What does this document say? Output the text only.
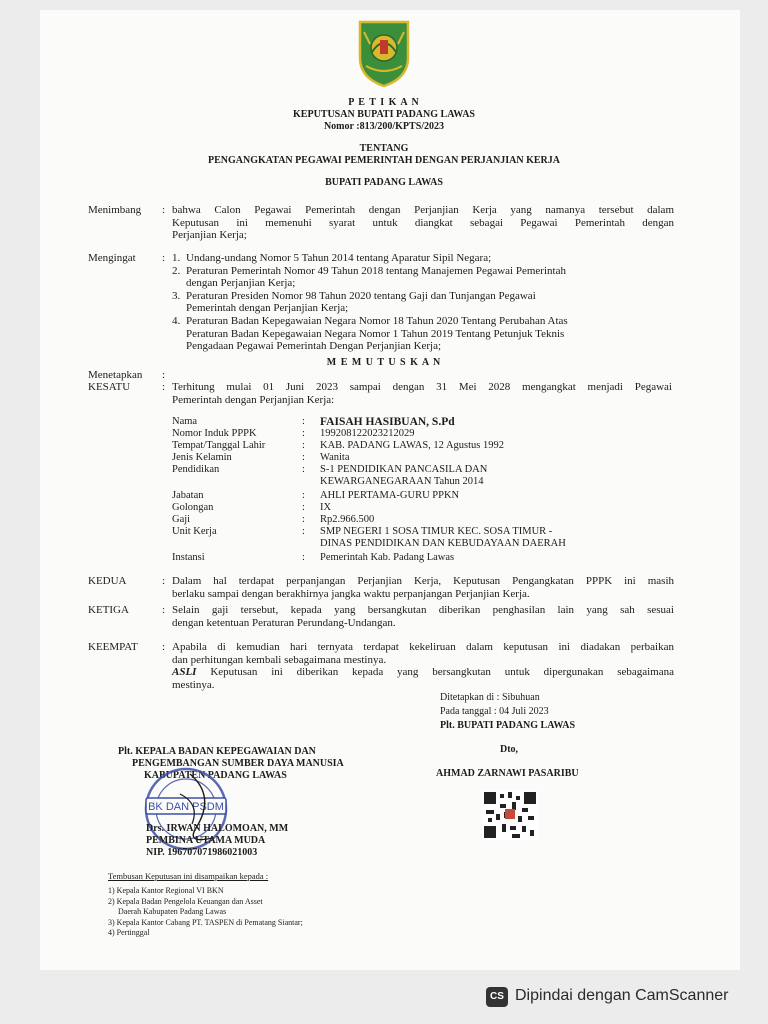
P E T I K A N
KEPUTUSAN BUPATI PADANG LAWAS
Nomor :813/200/KPTS/2023
TENTANG
PENGANGKATAN PEGAWAI PEMERINTAH DENGAN PERJANJIAN KERJA
BUPATI PADANG LAWAS
Menimbang : bahwa Calon Pegawai Pemerintah dengan Perjanjian Kerja yang namanya tersebut dalam
Keputusan ini memenuhi syarat untuk diangkat sebagai Pegawai Pemerintah dengan
Perjanjian Kerja;
Mengingat : 1. Undang-undang Nomor 5 Tahun 2014 tentang Aparatur Sipil Negara;
2. Peraturan Pemerintah Nomor 49 Tahun 2018 tentang Manajemen Pegawai Pemerintah
dengan Perjanjian Kerja;
3. Peraturan Presiden Nomor 98 Tahun 2020 tentang Gaji dan Tunjangan Pegawai
Pemerintah dengan Perjanjian Kerja;
4. Peraturan Badan Kepegawaian Negara Nomor 18 Tahun 2020 Tentang Perubahan Atas
Peraturan Badan Kepegawaian Negara Nomor 1 Tahun 2019 Tentang Petunjuk Teknis
Pengadaan Pegawai Pemerintah Dengan Perjanjian Kerja;
M E M U T U S K A N
Menetapkan :
KESATU	: Terhitung mulai 01 Juni 2023 sampai dengan 31 Mei 2028 mengangkat menjadi Pegawai
Pemerintah dengan Perjanjian Kerja:
Nama	: FAISAH HASIBUAN, S.Pd
Nomor Induk PPPK	: 199208122023212029
Tempat/Tanggal Lahir	: KAB. PADANG LAWAS, 12 Agustus 1992
Jenis Kelamin	: Wanita
Pendidikan	: S-1 PENDIDIKAN PANCASILA DAN
KEWARGANEGARAAN Tahun 2014
Jabatan	: AHLI PERTAMA-GURU PPKN
Golongan	: IX
Gaji	: Rp2.966.500
Unit Kerja	: SMP NEGERI 1 SOSA TIMUR KEC. SOSA TIMUR -
DINAS PENDIDIKAN DAN KEBUDAYAAN DAERAH
Instansi	: Pemerintah Kab. Padang Lawas
KEDUA	: Dalam hal terdapat perpanjangan Perjanjian Kerja, Keputusan Pengangkatan PPPK ini masih
berlaku sampai dengan berakhirnya jangka waktu perpanjangan Perjanjian Kerja.
KETIGA	: Selain gaji tersebut, kepada yang bersangkutan diberikan penghasilan lain yang sah sesuai
dengan ketentuan Peraturan Perundang-Undangan.
KEEMPAT : Apabila di kemudian hari ternyata terdapat kekeliruan dalam keputusan ini diadakan perbaikan
dan perhitungan kembali sebagaimana mestinya.
ASLI Keputusan ini diberikan kepada yang bersangkutan untuk dipergunakan sebagaimana
mestinya.
Ditetapkan di : Sibuhuan
Pada tanggal : 04 Juli 2023
Plt. BUPATI PADANG LAWAS
Dto,
AHMAD ZARNAWI PASARIBU
Plt. KEPALA BADAN KEPEGAWAIAN DAN
PENGEMBANGAN SUMBER DAYA MANUSIA
KABUPATEN PADANG LAWAS
BK DAN PSDM
Drs. IRWAN HALOMOAN, MM
PEMBINA UTAMA MUDA
NIP. 196707071986021003
Tembusan Keputusan ini disampaikan kepada :
1) Kepala Kantor Regional VI BKN
2) Kepala Badan Pengelola Keuangan dan Asset
Daerah Kabupaten Padang Lawas
3) Kepala Kantor Cabang PT. TASPEN di Pematang Siantar;
4) Pertinggal
CS Dipindai dengan CamScanner
